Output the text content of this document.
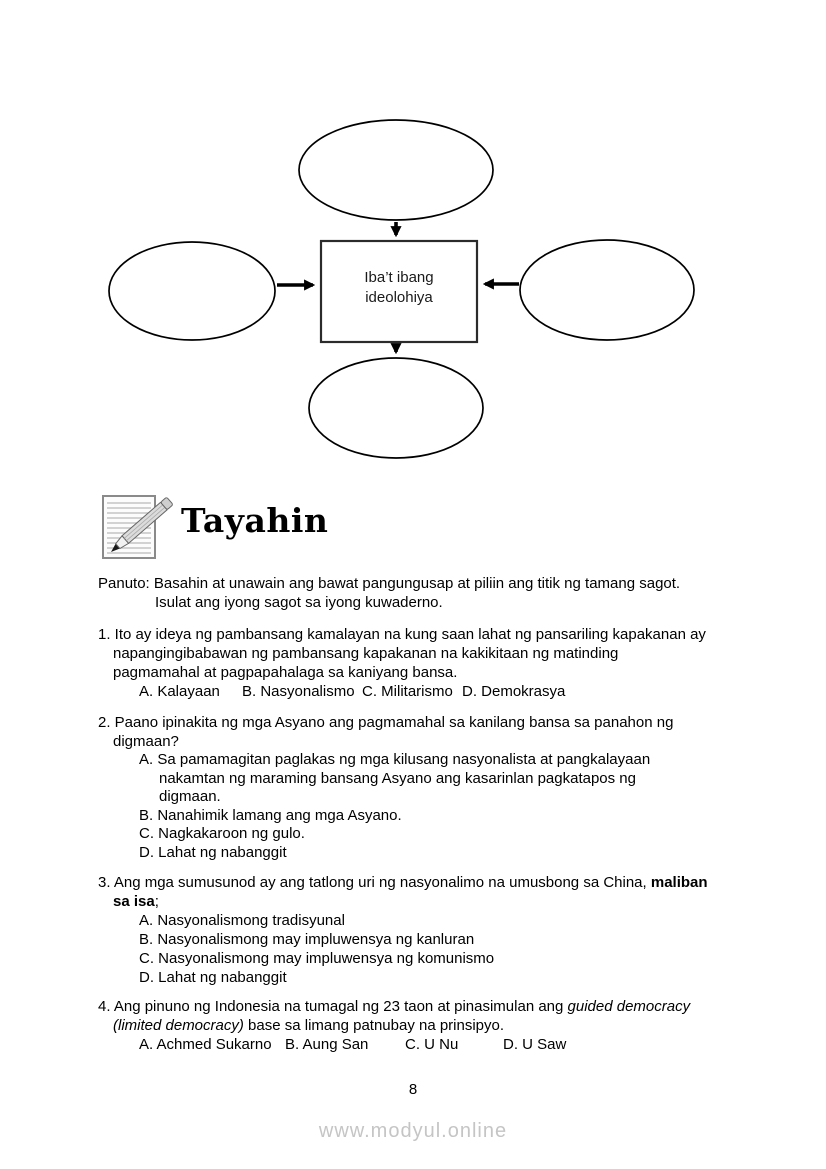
Iba’t ibang ideolohiya
Tayahin
Panuto: Basahin at unawain ang bawat pangungusap at piliin ang titik ng tamang sagot.
Isulat ang iyong sagot sa iyong kuwaderno.
1. Ito ay ideya ng pambansang kamalayan na kung saan lahat ng pansariling kapakanan ay
napangingibabawan ng pambansang kapakanan na kakikitaan ng matinding
pagmamahal at pagpapahalaga sa kaniyang bansa.
A. Kalayaan B. Nasyonalismo C. Militarismo D. Demokrasya
2. Paano ipinakita ng mga Asyano ang pagmamahal sa kanilang bansa sa panahon ng
digmaan?
A. Sa pamamagitan paglakas ng mga kilusang nasyonalista at pangkalayaan
nakamtan ng maraming bansang Asyano ang kasarinlan pagkatapos ng
digmaan.
B. Nanahimik lamang ang mga Asyano.
C. Nagkakaroon ng gulo.
D. Lahat ng nabanggit
3. Ang mga sumusunod ay ang tatlong uri ng nasyonalimo na umusbong sa China, maliban
sa isa;
A. Nasyonalismong tradisyunal
B. Nasyonalismong may impluwensya ng kanluran
C. Nasyonalismong may impluwensya ng komunismo
D. Lahat ng nabanggit
4. Ang pinuno ng Indonesia na tumagal ng 23 taon at pinasimulan ang guided democracy
(limited democracy) base sa limang patnubay na prinsipyo.
A. Achmed Sukarno B. Aung San C. U Nu	D. U Saw
8
www.modyul.online
